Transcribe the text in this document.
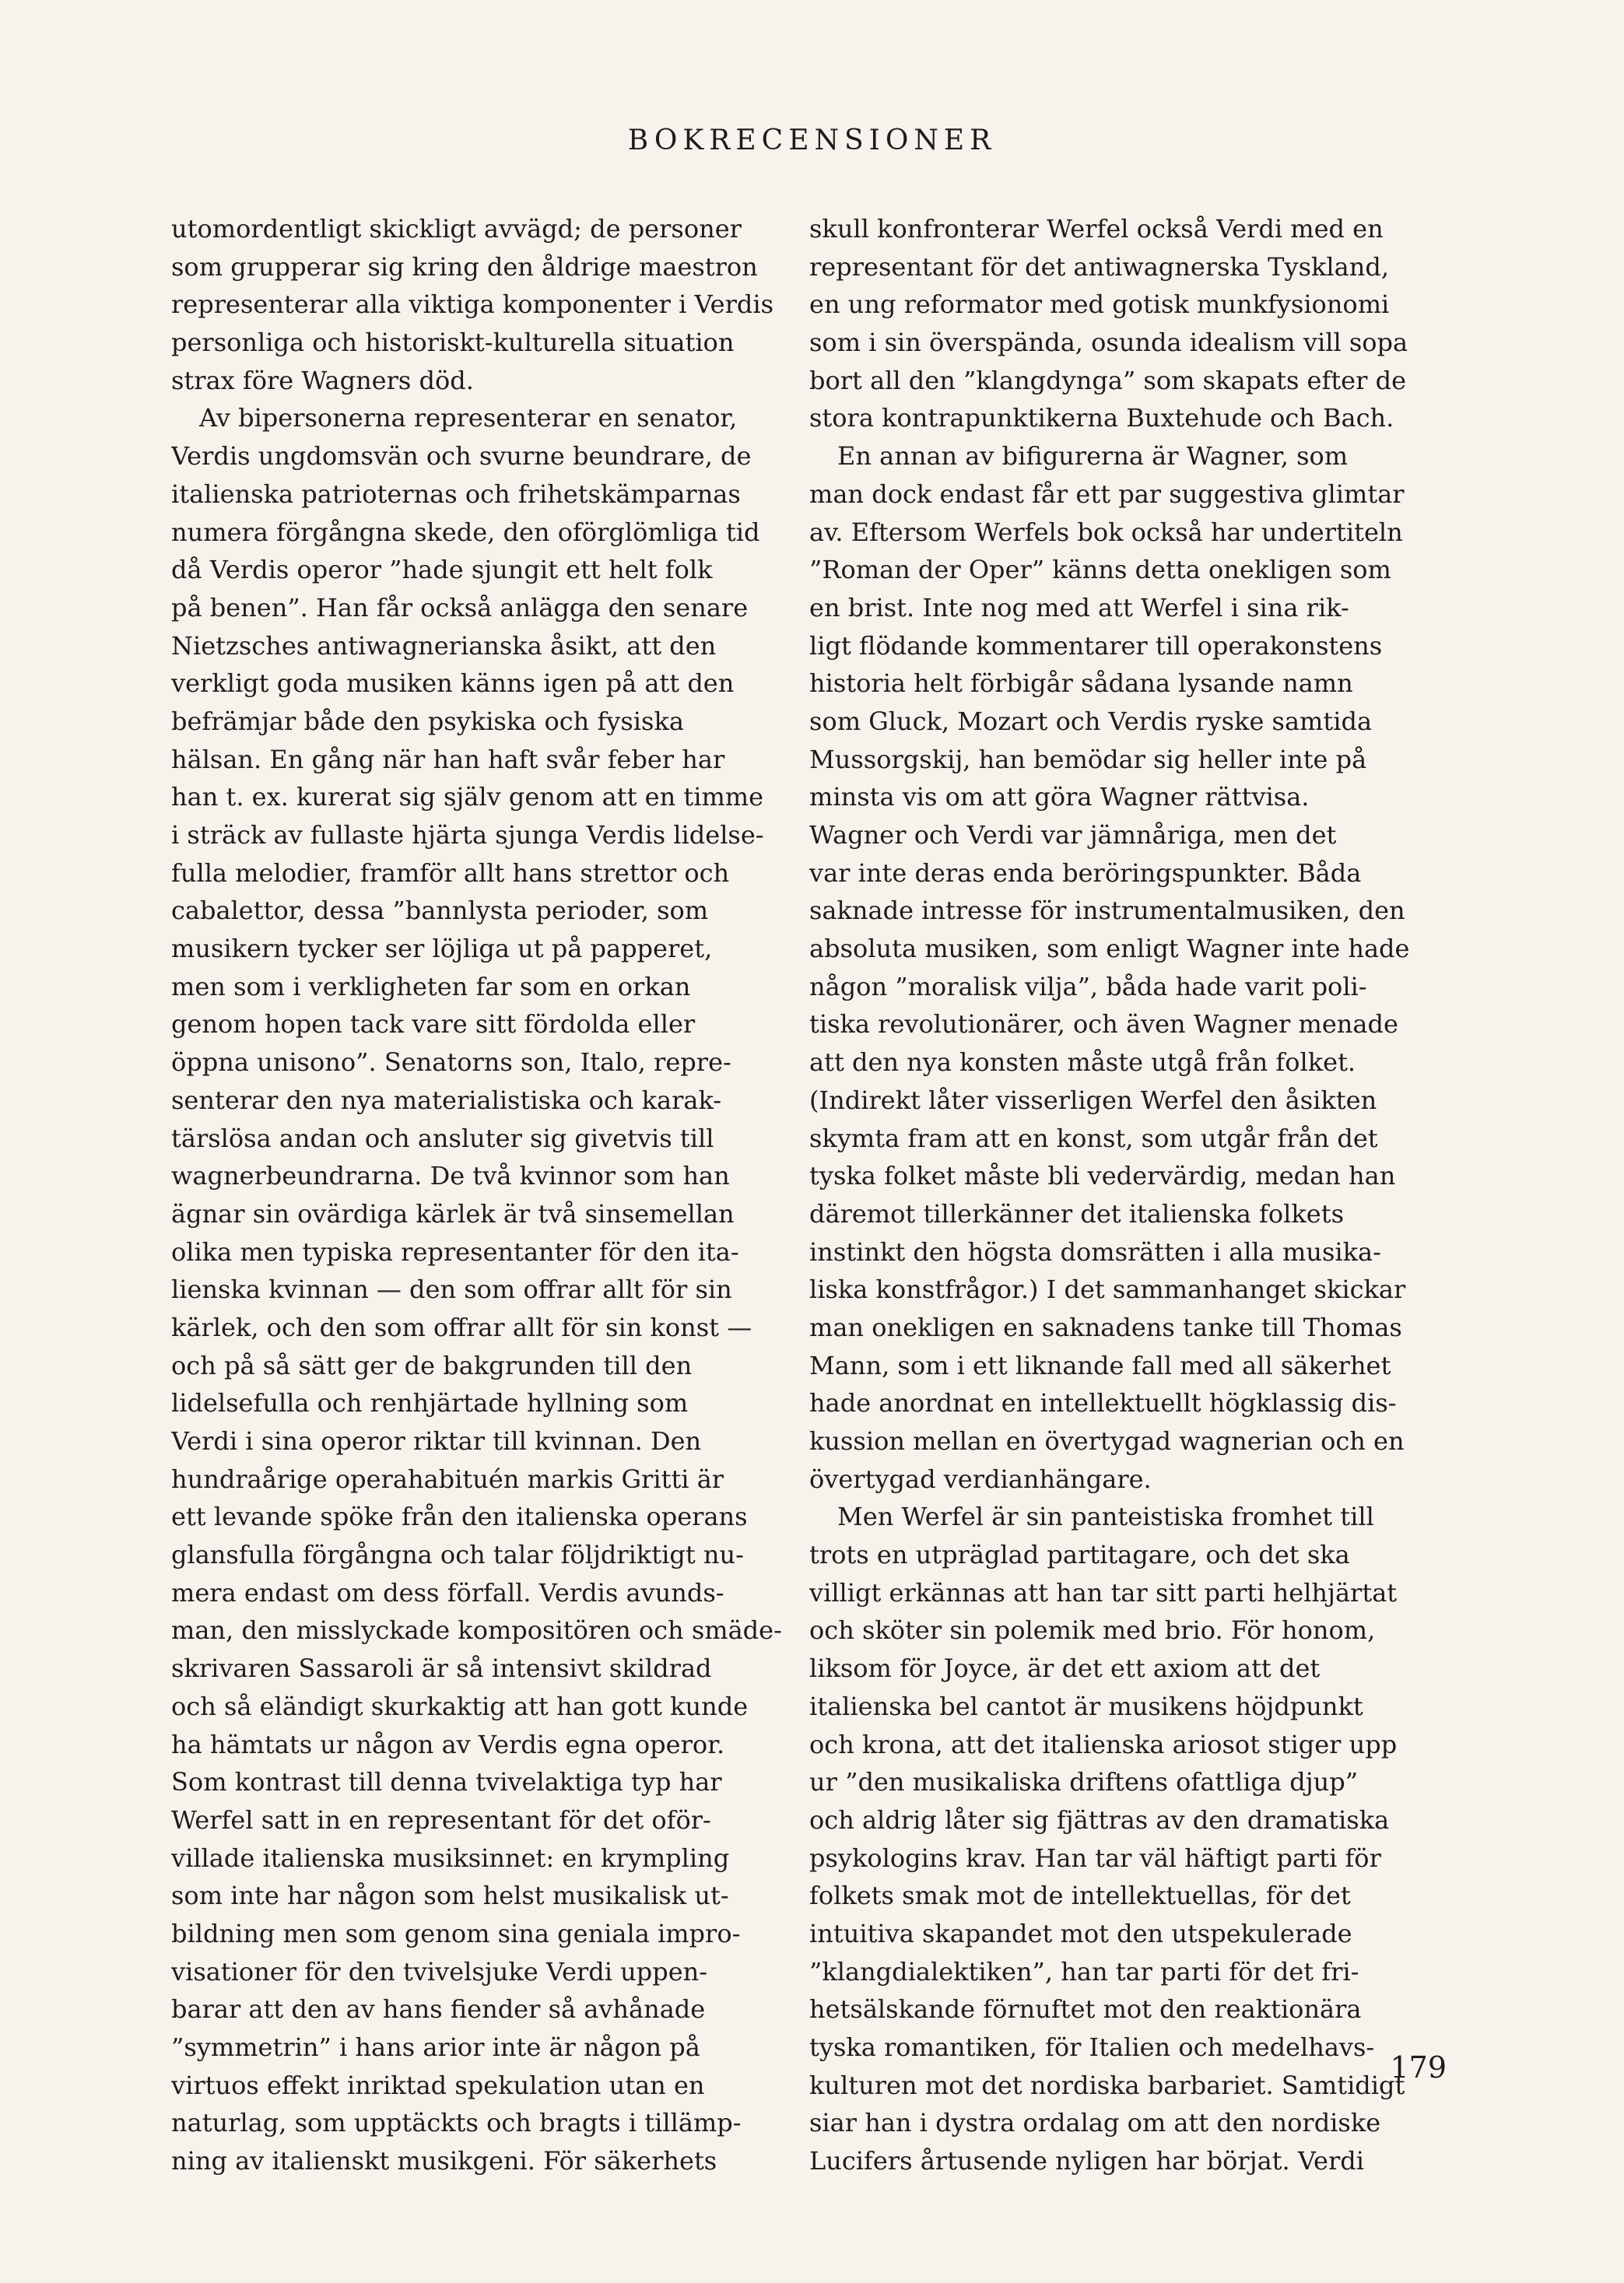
BOKRECENSIONER
utomordentligt skickligt avvägd; de personer
som grupperar sig kring den åldrige maestron
representerar alla viktiga komponenter i Verdis
personliga och historiskt-kulturella situation
strax före Wagners död.
Av bipersonerna representerar en senator,
Verdis ungdomsvän och svurne beundrare, de
italienska patrioternas och frihetskämparnas
numera förgångna skede, den oförglömliga tid
då Verdis operor ”hade sjungit ett helt folk
på benen”. Han får också anlägga den senare
Nietzsches antiwagnerianska åsikt, att den
verkligt goda musiken känns igen på att den
befrämjar både den psykiska och fysiska
hälsan. En gång när han haft svår feber har
han t. ex. kurerat sig själv genom att en timme
i sträck av fullaste hjärta sjunga Verdis lidelse-
fulla melodier, framför allt hans strettor och
cabalettor, dessa ”bannlysta perioder, som
musikern tycker ser löjliga ut på papperet,
men som i verkligheten far som en orkan
genom hopen tack vare sitt fördolda eller
öppna unisono”. Senatorns son, Italo, repre-
senterar den nya materialistiska och karak-
tärslösa andan och ansluter sig givetvis till
wagnerbeundrarna. De två kvinnor som han
ägnar sin ovärdiga kärlek är två sinsemellan
olika men typiska representanter för den ita-
lienska kvinnan — den som offrar allt för sin
kärlek, och den som offrar allt för sin konst —
och på så sätt ger de bakgrunden till den
lidelsefulla och renhjärtade hyllning som
Verdi i sina operor riktar till kvinnan. Den
hundraårige operahabituén markis Gritti är
ett levande spöke från den italienska operans
glansfulla förgångna och talar följdriktigt nu-
mera endast om dess förfall. Verdis avunds-
man, den misslyckade kompositören och smäde-
skrivaren Sassaroli är så intensivt skildrad
och så eländigt skurkaktig att han gott kunde
ha hämtats ur någon av Verdis egna operor.
Som kontrast till denna tvivelaktiga typ har
Werfel satt in en representant för det oför-
villade italienska musiksinnet: en krympling
som inte har någon som helst musikalisk ut-
bildning men som genom sina geniala impro-
visationer för den tvivelsjuke Verdi uppen-
barar att den av hans fiender så avhånade
”symmetrin” i hans arior inte är någon på
virtuos effekt inriktad spekulation utan en
naturlag, som upptäckts och bragts i tillämp-
ning av italienskt musikgeni. För säkerhets
skull konfronterar Werfel också Verdi med en
representant för det antiwagnerska Tyskland,
en ung reformator med gotisk munkfysionomi
som i sin överspända, osunda idealism vill sopa
bort all den ”klangdynga” som skapats efter de
stora kontrapunktikerna Buxtehude och Bach.
En annan av bifigurerna är Wagner, som
man dock endast får ett par suggestiva glimtar
av. Eftersom Werfels bok också har undertiteln
”Roman der Oper” känns detta onekligen som
en brist. Inte nog med att Werfel i sina rik-
ligt flödande kommentarer till operakonstens
historia helt förbigår sådana lysande namn
som Gluck, Mozart och Verdis ryske samtida
Mussorgskij, han bemödar sig heller inte på
minsta vis om att göra Wagner rättvisa.
Wagner och Verdi var jämnåriga, men det
var inte deras enda beröringspunkter. Båda
saknade intresse för instrumentalmusiken, den
absoluta musiken, som enligt Wagner inte hade
någon ”moralisk vilja”, båda hade varit poli-
tiska revolutionärer, och även Wagner menade
att den nya konsten måste utgå från folket.
(Indirekt låter visserligen Werfel den åsikten
skymta fram att en konst, som utgår från det
tyska folket måste bli vedervärdig, medan han
däremot tillerkänner det italienska folkets
instinkt den högsta domsrätten i alla musika-
liska konstfrågor.) I det sammanhanget skickar
man onekligen en saknadens tanke till Thomas
Mann, som i ett liknande fall med all säkerhet
hade anordnat en intellektuellt högklassig dis-
kussion mellan en övertygad wagnerian och en
övertygad verdianhängare.
Men Werfel är sin panteistiska fromhet till
trots en utpräglad partitagare, och det ska
villigt erkännas att han tar sitt parti helhjärtat
och sköter sin polemik med brio. För honom,
liksom för Joyce, är det ett axiom att det
italienska bel cantot är musikens höjdpunkt
och krona, att det italienska ariosot stiger upp
ur ”den musikaliska driftens ofattliga djup”
och aldrig låter sig fjättras av den dramatiska
psykologins krav. Han tar väl häftigt parti för
folkets smak mot de intellektuellas, för det
intuitiva skapandet mot den utspekulerade
”klangdialektiken”, han tar parti för det fri-
hetsälskande förnuftet mot den reaktionära
tyska romantiken, för Italien och medelhavs-
kulturen mot det nordiska barbariet. Samtidigt
siar han i dystra ordalag om att den nordiske
Lucifers årtusende nyligen har börjat. Verdi
179
